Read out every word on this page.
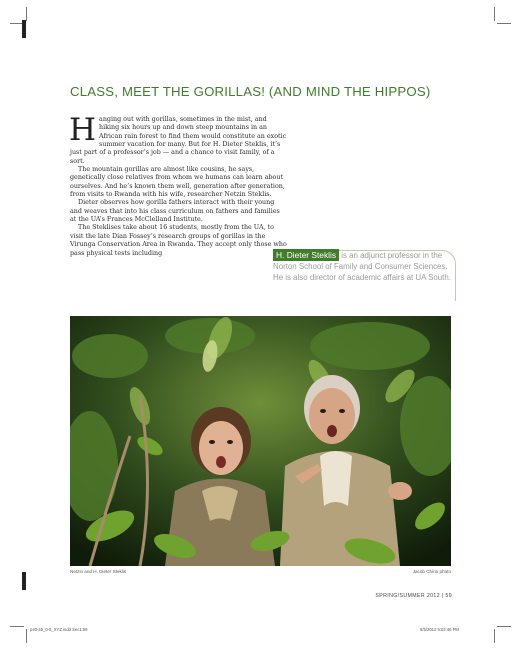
CLASS, MEET THE GORILLAS! (AND MIND THE HIPPOS)

Hanging out with gorillas, sometimes in the mist, and hiking six hours up and down steep mountains in an African rain forest to find them would constitute an exotic summer vacation for many. But for H. Dieter Steklis, it’s just part of a professor’s job — and a chance to visit family, of a sort.

The mountain gorillas are almost like cousins, he says, genetically close relatives from whom we humans can learn about ourselves. And he’s known them well, generation after generation, from visits to Rwanda with his wife, researcher Netzin Steklis.

Dieter observes how gorilla fathers interact with their young and weaves that into his class curriculum on fathers and families at the UA’s Frances McClelland Institute.

The Steklises take about 16 students, mostly from the UA, to visit the late Dian Fossey’s research groups of gorillas in the Virunga Conservation Area in Rwanda. They accept only those who pass physical tests including	H. Dieter Steklis is an adjunct professor in the Norton School of Family and Consumer Sciences. He is also director of academic affairs at UA South.
Netzin and H. Dieter Steklis	Jacob Chinn photo
SPRING/SUMMER 2012 | 59
p40-45_0-5_XYZ.indd Sec1:59	6/5/2012 5:03:46 PM
